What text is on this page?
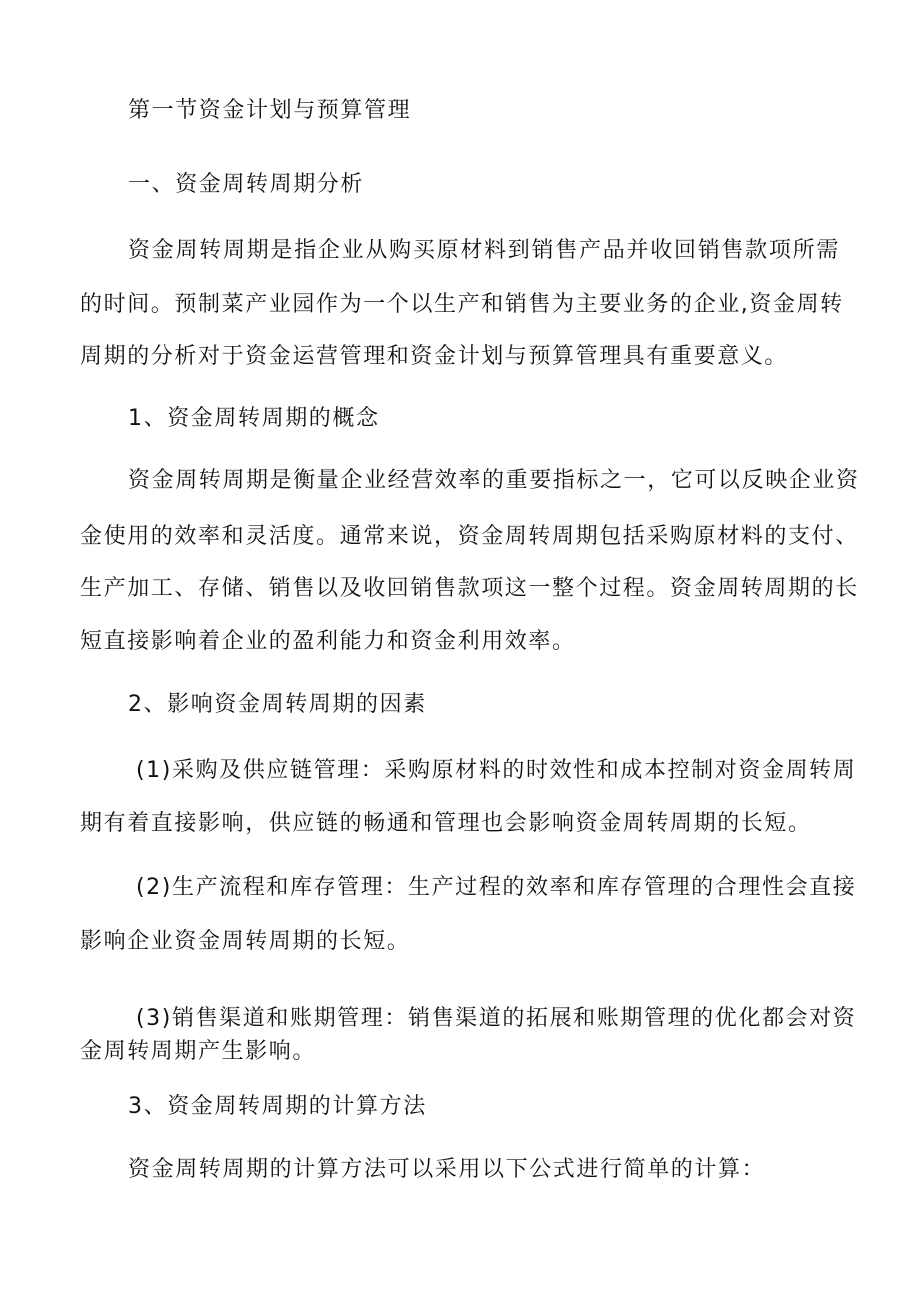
第一节资金计划与预算管理
一、资金周转周期分析
资金周转周期是指企业从购买原材料到销售产品并收回销售款项所需
的时间。预制菜产业园作为一个以生产和销售为主要业务的企业,资金周转
周期的分析对于资金运营管理和资金计划与预算管理具有重要意义。
1、资金周转周期的概念
资金周转周期是衡量企业经营效率的重要指标之一，它可以反映企业资
金使用的效率和灵活度。通常来说，资金周转周期包括采购原材料的支付、
生产加工、存储、销售以及收回销售款项这一整个过程。资金周转周期的长
短直接影响着企业的盈利能力和资金利用效率。
2、影响资金周转周期的因素
(1)采购及供应链管理：采购原材料的时效性和成本控制对资金周转周
期有着直接影响，供应链的畅通和管理也会影响资金周转周期的长短。
(2)生产流程和库存管理：生产过程的效率和库存管理的合理性会直接
影响企业资金周转周期的长短。
(3)销售渠道和账期管理：销售渠道的拓展和账期管理的优化都会对资
金周转周期产生影响。
3、资金周转周期的计算方法
资金周转周期的计算方法可以采用以下公式进行简单的计算：
